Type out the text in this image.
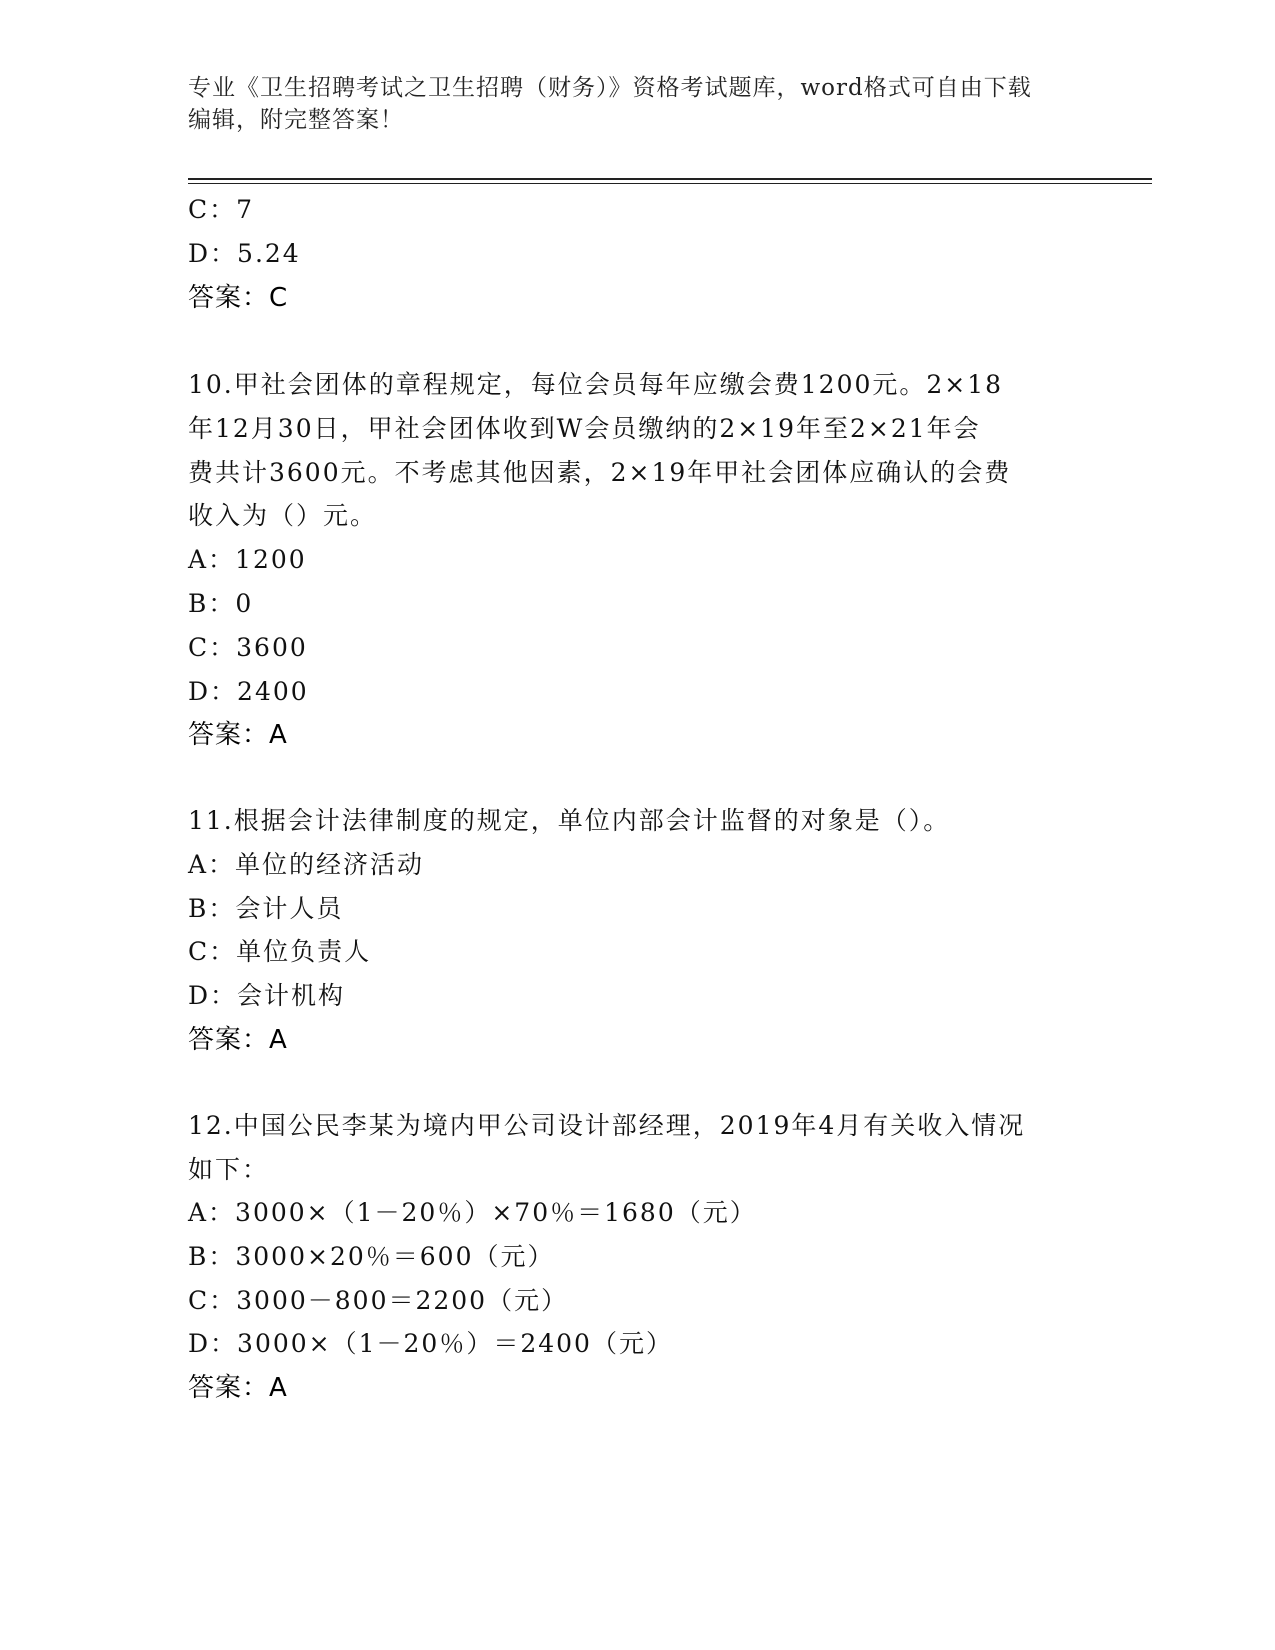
专业《卫生招聘考试之卫生招聘（财务）》资格考试题库，word格式可自由下载
编辑，附完整答案！
C：7
D：5.24
答案：C
10.甲社会团体的章程规定，每位会员每年应缴会费1200元。2×18
年12月30日，甲社会团体收到W会员缴纳的2×19年至2×21年会
费共计3600元。不考虑其他因素，2×19年甲社会团体应确认的会费
收入为（）元。
A：1200
B：0
C：3600
D：2400
答案：A
11.根据会计法律制度的规定，单位内部会计监督的对象是（）。
A：单位的经济活动
B：会计人员
C：单位负责人
D：会计机构
答案：A
12.中国公民李某为境内甲公司设计部经理，2019年4月有关收入情况
如下：
A：3000×（1－20％）×70％＝1680（元）
B：3000×20％＝600（元）
C：3000－800＝2200（元）
D：3000×（1－20％）＝2400（元）
答案：A
